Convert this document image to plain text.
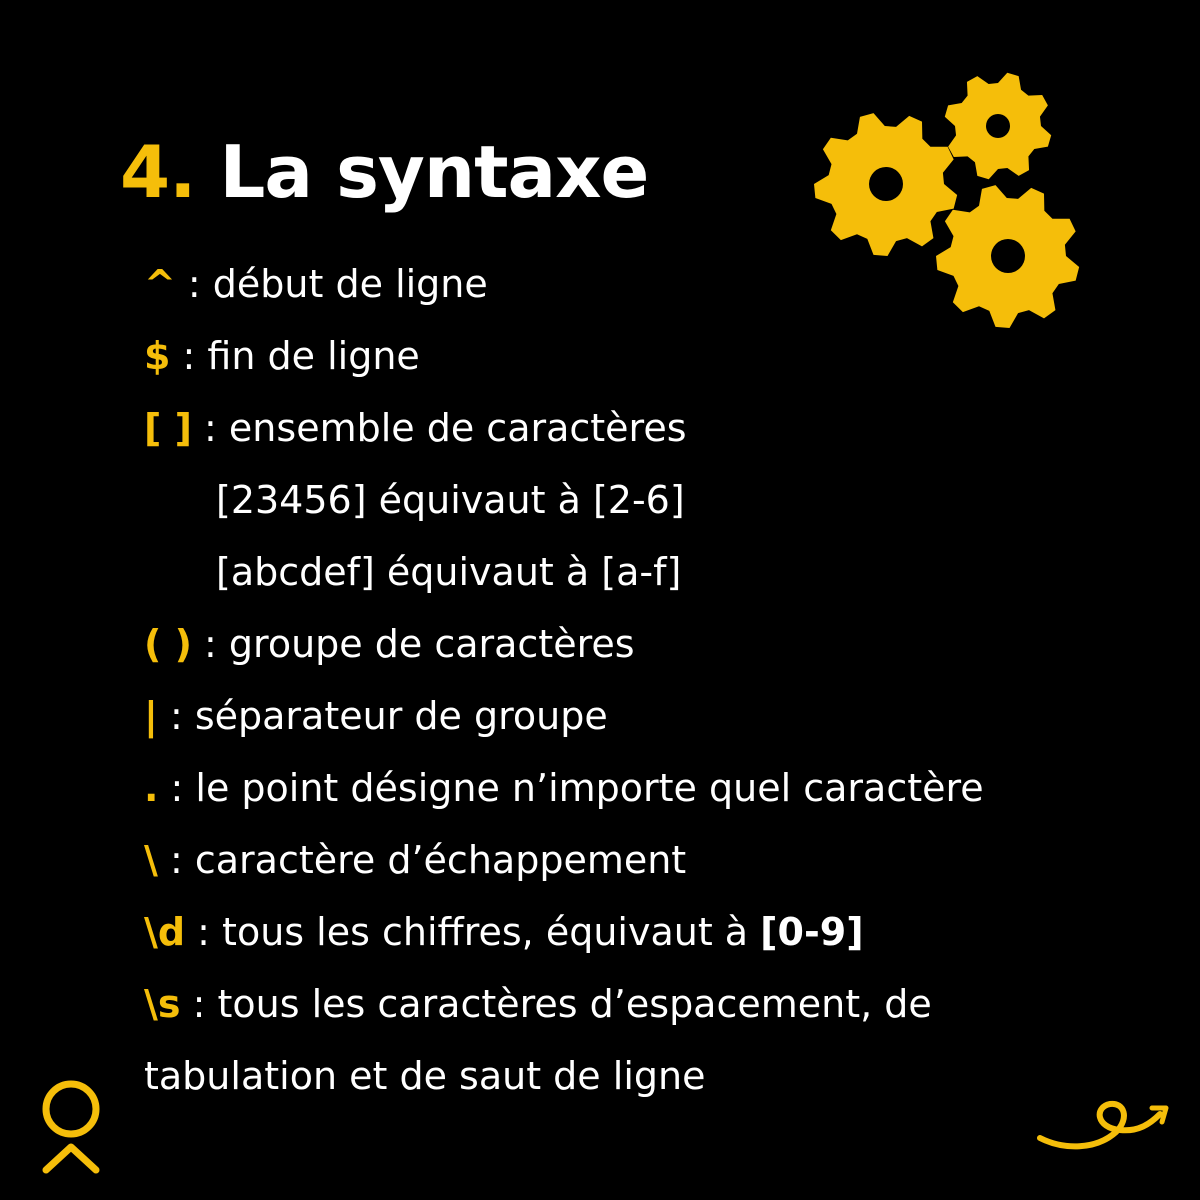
4. La syntaxe
^ : début de ligne
$ : fin de ligne
[ ] : ensemble de caractères
[23456] équivaut à [2-6]
[abcdef] équivaut à [a-f]
( ) : groupe de caractères
| : séparateur de groupe
. : le point désigne n’importe quel caractère
\ : caractère d’échappement
\d : tous les chiffres, équivaut à [0-9]
\s : tous les caractères d’espacement, de
tabulation et de saut de ligne
